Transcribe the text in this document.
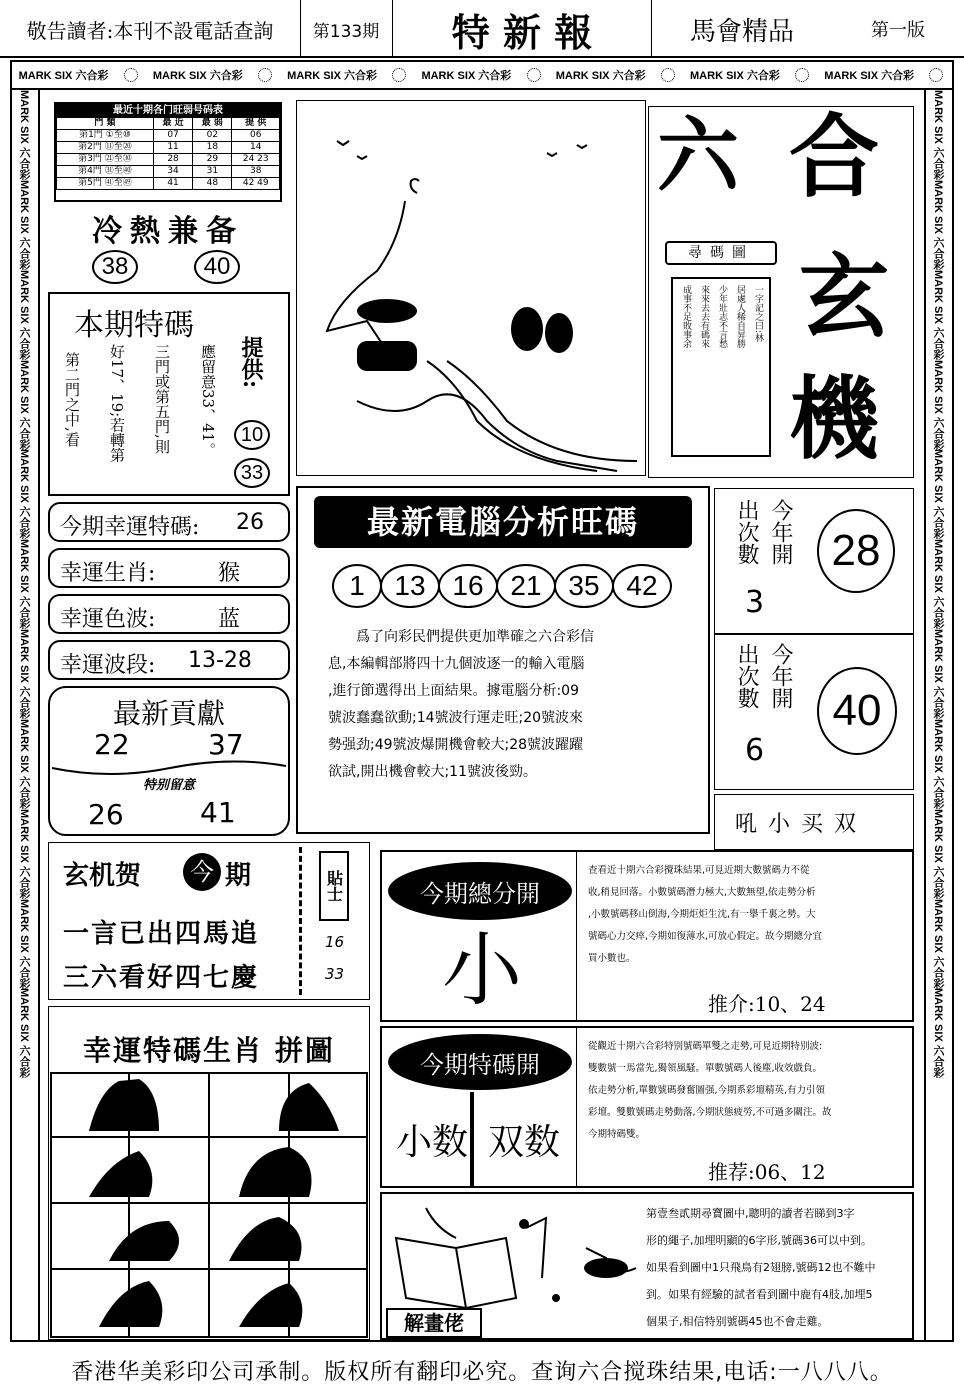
敬告讀者:本刊不設電話查詢	第133期	特 新 報	馬會精品	第一版
MARK SIX 六合彩	MARK SIX 六合彩	MARK SIX 六合彩	MARK SIX 六合彩	MARK SIX 六合彩	MARK SIX 六合彩	MARK SIX 六合彩
MARK SIX 六合彩
MARK SIX 六合彩
MARK SIX 六合彩
MARK SIX 六合彩
MARK SIX 六合彩
MARK SIX 六合彩
MARK SIX 六合彩
MARK SIX 六合彩
MARK SIX 六合彩
MARK SIX 六合彩
MARK SIX 六合彩
MARK SIX 六合彩
MARK SIX 六合彩
MARK SIX 六合彩
MARK SIX 六合彩
MARK SIX 六合彩
MARK SIX 六合彩
MARK SIX 六合彩
MARK SIX 六合彩
MARK SIX 六合彩
MARK SIX 六合彩
MARK SIX 六合彩
最近十期各门旺弱号码表
門 類	最 近	最 弱	提 供
第1門 ①至⑩	07	02	06
第2門 ⑪至⑳	11	18	14
第3門 ㉑至㉚	28	29	24 23
第4門 ㉛至㊵	34	31	38
第5門 ㊶至㊾	41	48	42 49
冷熱兼备
38	40
本期特碼
應留意33、41。
三門或第五門,則
好17、19;若轉第
第二門之中,看	提供:
10
33
今期幸運特碼: 26
幸運生肖:	猴
幸運色波:	蓝
幸運波段: 13-28
最新貢獻
22	37
特别留意
26	41
玄机贺 今 期
一言已出四馬追
三六看好四七慶
貼士
16
33
幸運特碼生肖 拼圖
六 合
玄
機
尋碼圖
一字記之曰:林
居處人稀自昇勝
少年壯志不言愁
來來去去有碼來
成事不足敗事余
最新電腦分析旺碼
1	13 16 21 35 42
　　爲了向彩民們提供更加準確之六合彩信
息,本編輯部將四十九個波逐一的輸入電腦
,進行節選得出上面結果。據電腦分析:09
號波蠢蠢欲動;14號波行運走旺;20號波來
勢强劲;49號波爆開機會較大;28號波躍躍
欲試,開出機會較大;11號波後勁。
出次數 今年開
3
28
出次數 今年開
6
40
吼 小 买 双
今期總分開
小
查看近十期六合彩攪珠結果,可見近期大數號碼力不從
收,稍見回落。小數號碼潛力極大,大數無望,依走勢分析
,小數號碼移山倒海,今期炬炬生沈,有一擧千裏之勢。大
號碼心力交瘁,今期如復薄水,可放心假定。故今期總分宜
買小數也。
推介:10、24
今期特碼開
小数 双数
從觀近十期六合彩特别號碼單雙之走勢,可見近期特别波:
雙數號一馬當先,獨領風騷。單數號碼人後塵,收效戲負。
依走勢分析,單數號碼發奮圖强,今期系彩壇精英,有力引領
彩壇。雙數號碼走勢動落,今期狀態疲勞,不可過多關注。故
今期特碼雙。
推荐:06、12
解畫佬
第壹叁貳期尋寶圖中,聰明的讀者若睇到3字
形的繩子,加埋明顯的6字形,號碼36可以中到。
如果看到圖中1只飛鳥有2翅膀,號碼12也不難中
到。如果有經驗的試者看到圖中鹿有4肢,加埋5
個果子,相信特别號碼45也不會走雞。
香港华美彩印公司承制。版权所有翻印必究。查询六合搅珠结果,电话:一八八八。
